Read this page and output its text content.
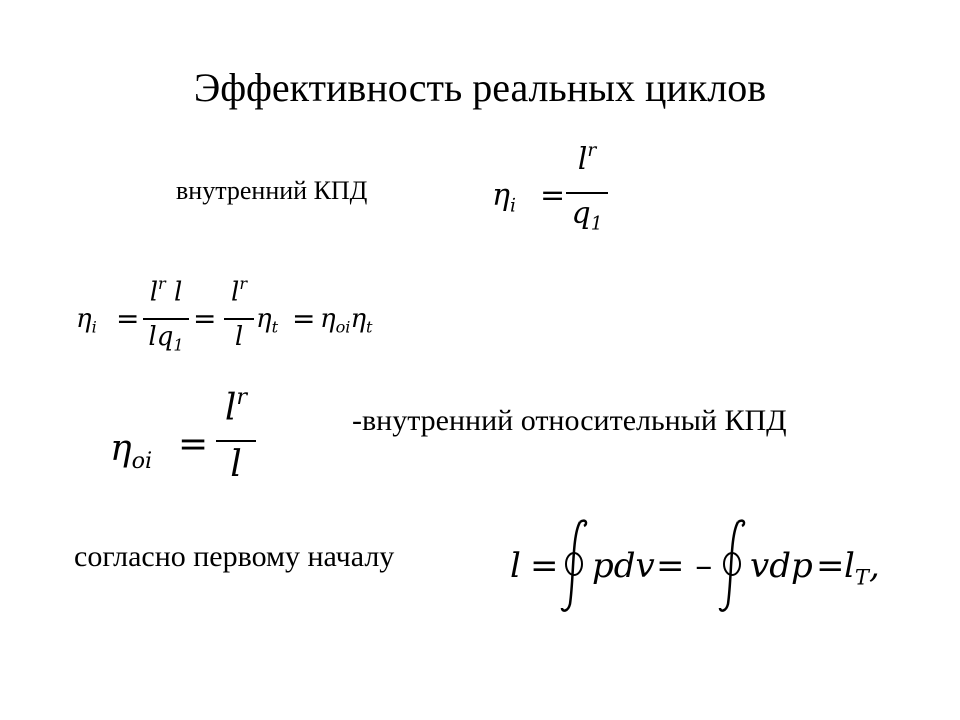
Эффективность реальных циклов
внутренний КПД	$\eta_i$ =
$l^r$
$q_1$
$\eta_i$ =
$l^r$ l
$lq_1$
=
$l^r$
l
$\eta_t = \eta_{oi}\eta_t$
$\eta_{oi}$ =
$l^r$
l
-внутренний относительный КПД
согласно первому началу	l = pdv = – vdp = $l_T$,
